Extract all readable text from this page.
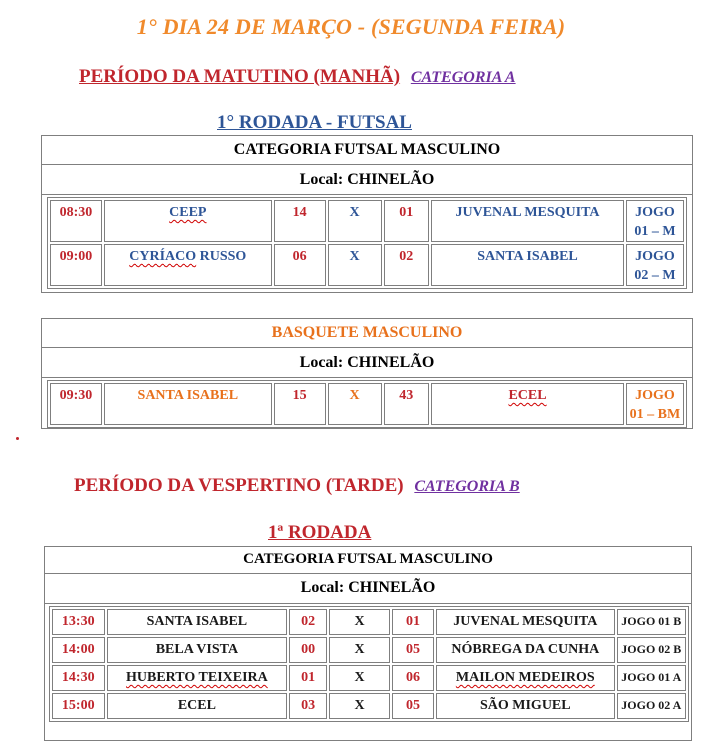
1° DIA 24 DE MARÇO - (SEGUNDA FEIRA)
PERÍODO DA MATUTINO (MANHÃ) CATEGORIA A
1° RODADA - FUTSAL
CATEGORIA FUTSAL MASCULINO
Local: CHINELÃO
08:30	CEEP	14	X	01	JUVENAL MESQUITA	JOGO
01 – M
09:00	CYRÍACO RUSSO	06	X	02	SANTA ISABEL	JOGO
02 – M
BASQUETE MASCULINO
Local: CHINELÃO
09:30	SANTA ISABEL	15	X	43	ECEL	JOGO
01 – BM
PERÍODO DA VESPERTINO (TARDE) CATEGORIA B
1ª RODADA
CATEGORIA FUTSAL MASCULINO
Local: CHINELÃO
13:30	SANTA ISABEL	02	X	01	JUVENAL MESQUITA	JOGO 01 B
14:00	BELA VISTA	00	X	05	NÓBREGA DA CUNHA	JOGO 02 B
14:30	HUBERTO TEIXEIRA	01	X	06	MAILON MEDEIROS	JOGO 01 A
15:00	ECEL	03	X	05	SÃO MIGUEL	JOGO 02 A
